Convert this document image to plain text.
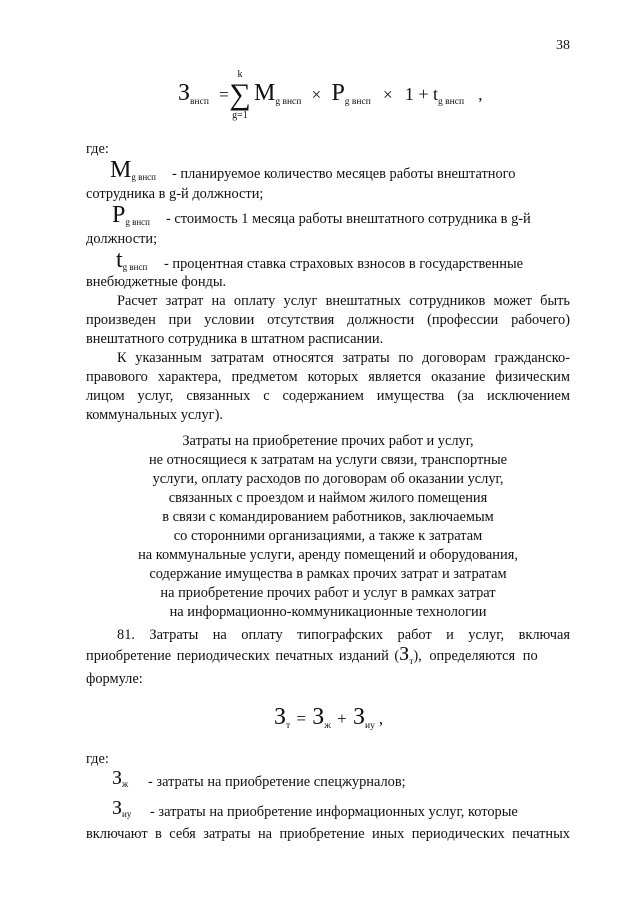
38
$З_{внсп}$ =
k
∑
g=1
$M_{g внсп} \times P_{g внсп} \times 1 + t_{g внсп}$ ,
где:
Mg внсп - планируемое количество месяцев работы внештатного
сотрудника в g-й должности;
Pg внсп - стоимость 1 месяца работы внештатного сотрудника в g-й
должности;
tg внсп - процентная ставка страховых взносов в государственные
внебюджетные фонды.
Расчет затрат на оплату услуг внештатных сотрудников может быть
произведен при условии отсутствия должности (профессии рабочего)
внештатного сотрудника в штатном расписании.
К указанным затратам относятся затраты по договорам гражданско-
правового характера, предметом которых является оказание физическим
лицом услуг, связанных с содержанием имущества (за исключением
коммунальных услуг).
Затраты на приобретение прочих работ и услуг,
не относящиеся к затратам на услуги связи, транспортные
услуги, оплату расходов по договорам об оказании услуг,
связанных с проездом и наймом жилого помещения
в связи с командированием работников, заключаемым
со сторонними организациями, а также к затратам
на коммунальные услуги, аренду помещений и оборудования,
содержание имущества в рамках прочих затрат и затратам
на приобретение прочих работ и услуг в рамках затрат
на информационно-коммуникационные технологии
81. Затраты на оплату типографских работ и услуг, включая
приобретение периодических печатных изданий $(З_т)$, определяются по
формуле:
$З_т = З_ж + З_{иу}$ ,
где:
Зж - затраты на приобретение спецжурналов;
Зиу - затраты на приобретение информационных услуг, которые
включают в себя затраты на приобретение иных периодических печатных
